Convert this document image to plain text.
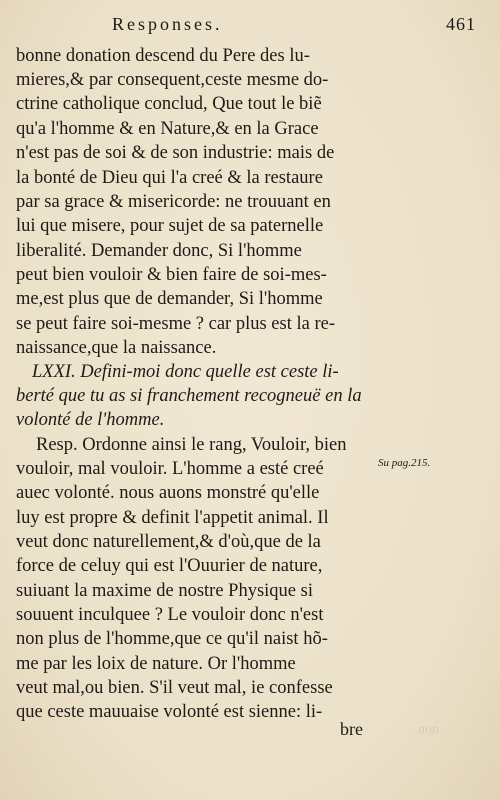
Responses.	461
bonne donation descend du Pere des lu-
mieres,& par consequent,ceste mesme do-
ctrine catholique conclud, Que tout le biẽ
qu'a l'homme & en Nature,& en la Grace
n'est pas de soi & de son industrie: mais de
la bonté de Dieu qui l'a creé & la restaure
par sa grace & misericorde: ne trouuant en
lui que misere, pour sujet de sa paternelle
liberalité. Demander donc, Si l'homme
peut bien vouloir & bien faire de soi-mes-
me,est plus que de demander, Si l'homme
se peut faire soi-mesme ? car plus est la re-
naissance,que la naissance.
LXXI. Defini-moi donc quelle est ceste li-
berté que tu as si franchement recogneuë en la
volonté de l'homme.
Resp. Ordonne ainsi le rang, Vouloir, bien
vouloir, mal vouloir. L'homme a esté creé
auec volonté. nous auons monstré qu'elle
luy est propre & definit l'appetit animal. Il
veut donc naturellement,& d'où,que de la
force de celuy qui est l'Ouurier de nature,
suiuant la maxime de nostre Physique si
souuent inculquee ? Le vouloir donc n'est
non plus de l'homme,que ce qu'il naist hõ-
me par les loix de nature. Or l'homme
veut mal,ou bien. S'il veut mal, ie confesse
que ceste mauuaise volonté est sienne: li-
Su pag.215.
bre	non
